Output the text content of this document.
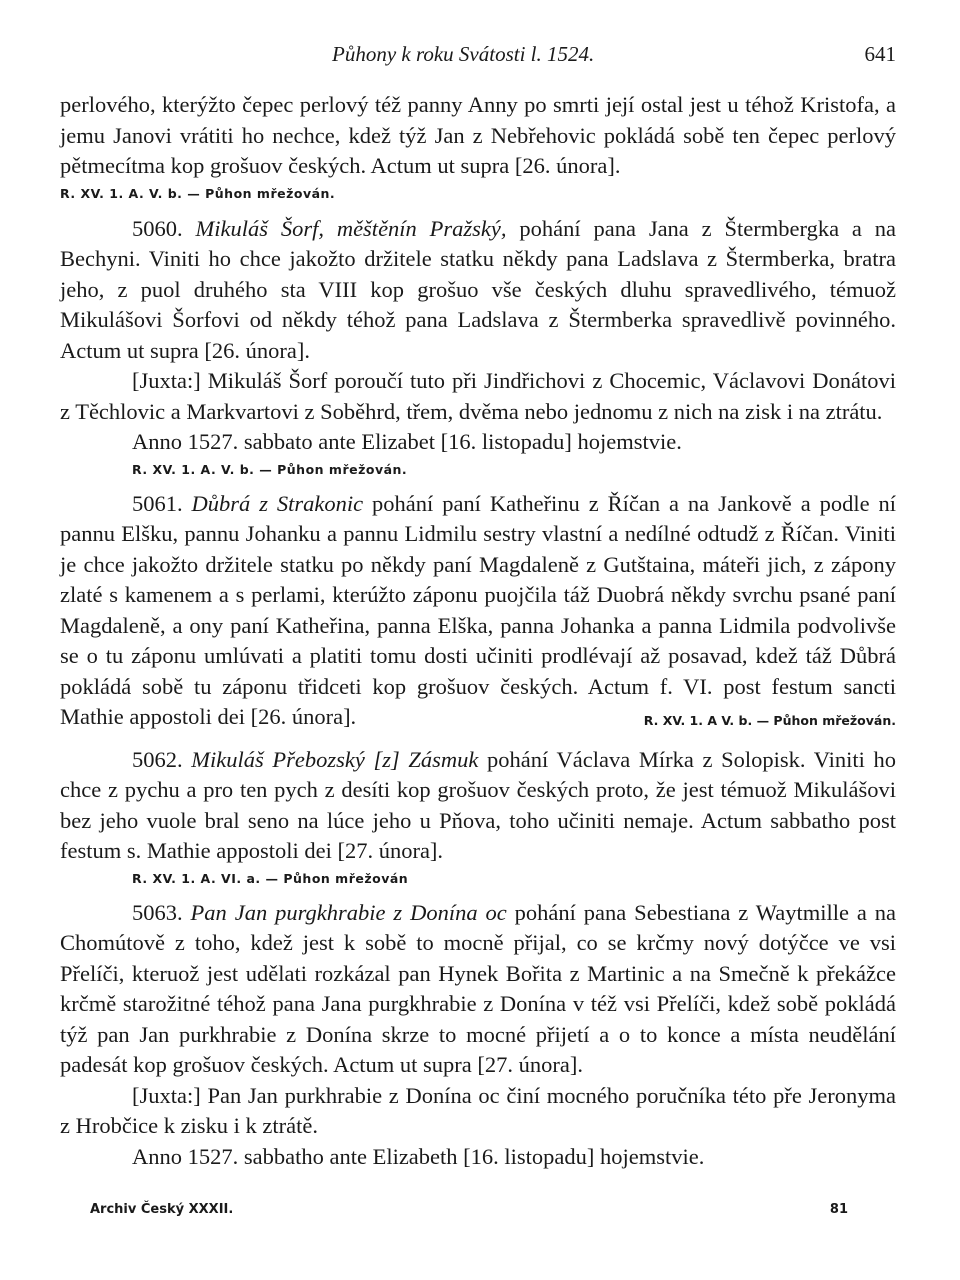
Půhony k roku Svátosti l. 1524.	641

perlového, kterýžto čepec perlový též panny Anny po smrti její ostal jest u téhož Kristofa, a jemu Janovi vrátiti ho nechce, kdež týž Jan z Nebřehovic pokládá sobě ten čepec perlový pětmecítma kop grošuov českých. Actum ut supra [26. února].

R. XV. 1. A. V. b. — Půhon mřežován.

5060. Mikuláš Šorf, měštěnín Pražský, pohání pana Jana z Štermbergka a na Bechyni. Viniti ho chce jakožto držitele statku někdy pana Ladslava z Štermberka, bratra jeho, z puol druhého sta VIII kop grošuo vše českých dluhu spravedlivého, témuož Mikulášovi Šorfovi od někdy téhož pana Ladslava z Štermberka spravedlivě povinného. Actum ut supra [26. února].

[Juxta:] Mikuláš Šorf poroučí tuto při Jindřichovi z Chocemic, Václavovi Donátovi z Těchlovic a Markvartovi z Soběhrd, třem, dvěma nebo jednomu z nich na zisk i na ztrátu.

Anno 1527. sabbato ante Elizabet [16. listopadu] hojemstvie.

R. XV. 1. A. V. b. — Půhon mřežován.

5061. Důbrá z Strakonic pohání paní Katheřinu z Říčan a na Jankově a podle ní pannu Elšku, pannu Johanku a pannu Lidmilu sestry vlastní a nedílné odtudž z Říčan. Viniti je chce jakožto držitele statku po někdy paní Magdaleně z Gutštaina, máteři jich, z zápony zlaté s kamenem a s perlami, kterúžto záponu puojčila táž Duobrá někdy svrchu psané paní Magdaleně, a ony paní Katheřina, panna Elška, panna Johanka a panna Lidmila podvolivše se o tu záponu umlúvati a platiti tomu dosti učiniti prodlévají až posavad, kdež táž Důbrá pokládá sobě tu záponu třidceti kop grošuov českých. Actum f. VI. post festum sancti Mathie appostoli dei [26. února].	R. XV. 1. A V. b. — Půhon mřežován.

5062. Mikuláš Přebozský [z] Zásmuk pohání Václava Mírka z Solopisk. Viniti ho chce z pychu a pro ten pych z desíti kop grošuov českých proto, že jest témuož Mikulášovi bez jeho vuole bral seno na lúce jeho u Pňova, toho učiniti nemaje. Actum sabbatho post festum s. Mathie appostoli dei [27. února].

R. XV. 1. A. VI. a. — Půhon mřežován

5063. Pan Jan purgkhrabie z Donína oc pohání pana Sebestiana z Waytmille a na Chomútově z toho, kdež jest k sobě to mocně přijal, co se krčmy nový dotýčce ve vsi Přelíči, kteruož jest udělati rozkázal pan Hynek Bořita z Martinic a na Smečně k překážce krčmě starožitné téhož pana Jana purgkhrabie z Donína v též vsi Přelíči, kdež sobě pokládá týž pan Jan purkhrabie z Donína skrze to mocné přijetí a o to konce a místa neudělání padesát kop grošuov českých. Actum ut supra [27. února].

[Juxta:] Pan Jan purkhrabie z Donína oc činí mocného poručníka této pře Jeronyma z Hrobčice k zisku i k ztrátě.

Anno 1527. sabbatho ante Elizabeth [16. listopadu] hojemstvie.

Archiv Český XXXII.	81
